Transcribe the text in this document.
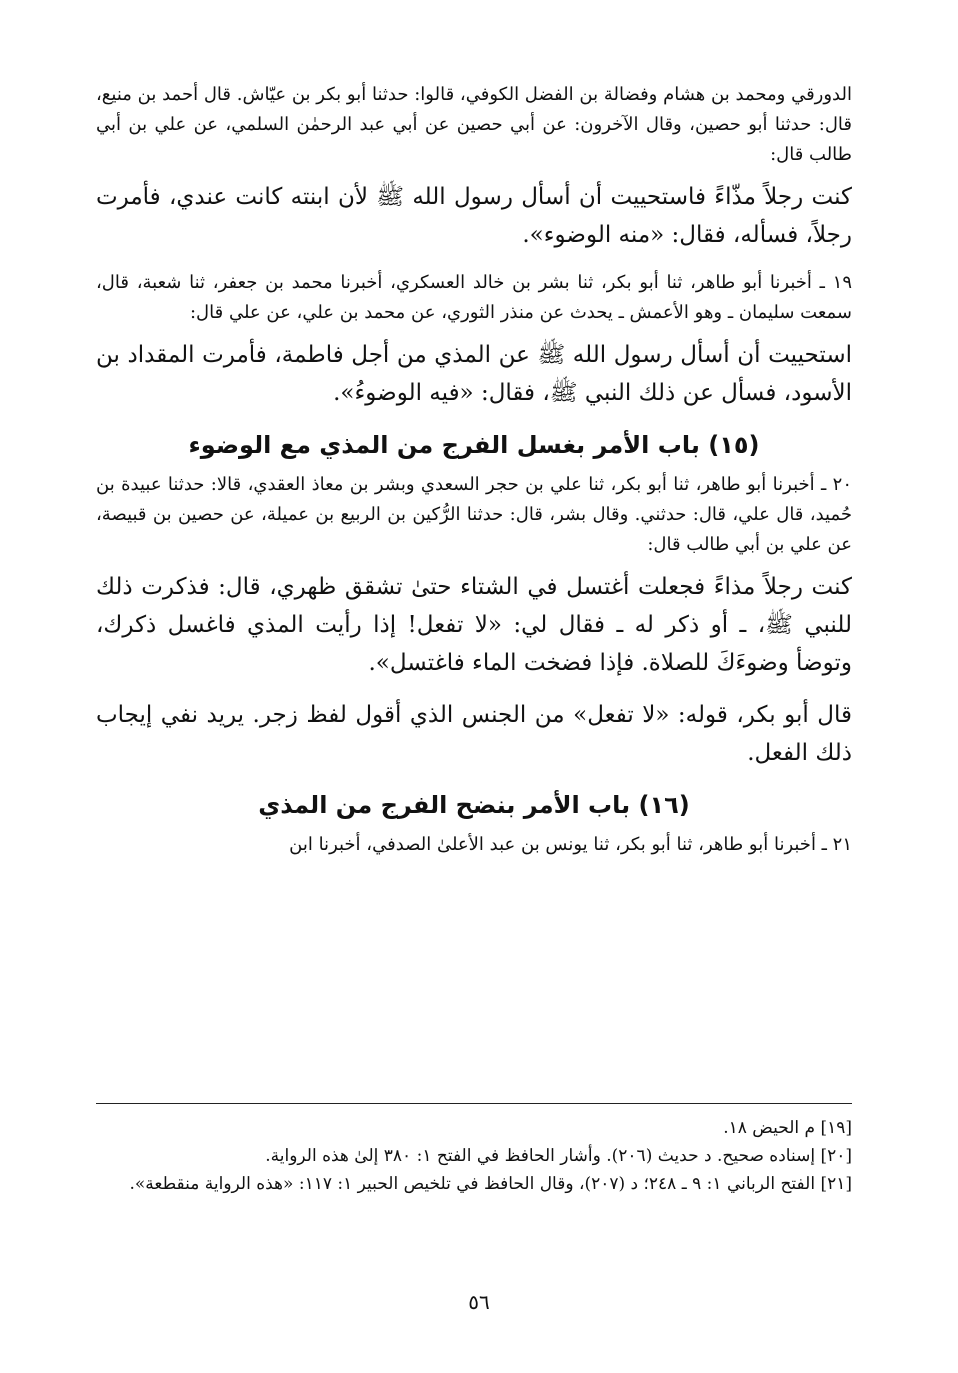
الدورقي ومحمد بن هشام وفضالة بن الفضل الكوفي، قالوا: حدثنا أبو بكر بن عيّاش. قال أحمد بن منيع، قال: حدثنا أبو حصين، وقال الآخرون: عن أبي حصين عن أبي عبد الرحمٰن السلمي، عن علي بن أبي طالب قال:

كنت رجلاً مذّاءً فاستحييت أن أسأل رسول الله ﷺ لأن ابنته كانت عندي، فأمرت رجلاً، فسأله، فقال: «منه الوضوء».

١٩ ـ أخبرنا أبو طاهر، ثنا أبو بكر، ثنا بشر بن خالد العسكري، أخبرنا محمد بن جعفر، ثنا شعبة، قال، سمعت سليمان ـ وهو الأعمش ـ يحدث عن منذر الثوري، عن محمد بن علي، عن علي قال:

استحييت أن أسأل رسول الله ﷺ عن المذي من أجل فاطمة، فأمرت المقداد بن الأسود، فسأل عن ذلك النبي ﷺ، فقال: «فيه الوضوءُ».

(١٥) باب الأمر بغسل الفرج من المذي مع الوضوء

٢٠ ـ أخبرنا أبو طاهر، ثنا أبو بكر، ثنا علي بن حجر السعدي وبشر بن معاذ العقدي، قالا: حدثنا عبيدة بن حُميد، قال علي، قال: حدثني. وقال بشر، قال: حدثنا الرُّكين بن الربيع بن عميلة، عن حصين بن قبيصة، عن علي بن أبي طالب قال:

كنت رجلاً مذاءً فجعلت أغتسل في الشتاء حتىٰ تشقق ظهري، قال: فذكرت ذلك للنبي ﷺ، ـ أو ذكر له ـ فقال لي: «لا تفعل! إذا رأيت المذي فاغسل ذكرك، وتوضأ وضوءَكَ للصلاة. فإذا فضخت الماء فاغتسل».

قال أبو بكر، قوله: «لا تفعل» من الجنس الذي أقول لفظ زجر. يريد نفي إيجاب ذلك الفعل.

(١٦) باب الأمر بنضح الفرج من المذي

٢١ ـ أخبرنا أبو طاهر، ثنا أبو بكر، ثنا يونس بن عبد الأعلىٰ الصدفي، أخبرنا ابن

[١٩] م الحيض ١٨.

[٢٠] إسناده صحيح. د حديث (٢٠٦). وأشار الحافظ في الفتح ١: ٣٨٠ إلىٰ هذه الرواية.

[٢١] الفتح الرباني ١: ٩ ـ ٢٤٨؛ د (٢٠٧)، وقال الحافظ في تلخيص الحبير ١: ١١٧: «هذه الرواية منقطعة».

٥٦
